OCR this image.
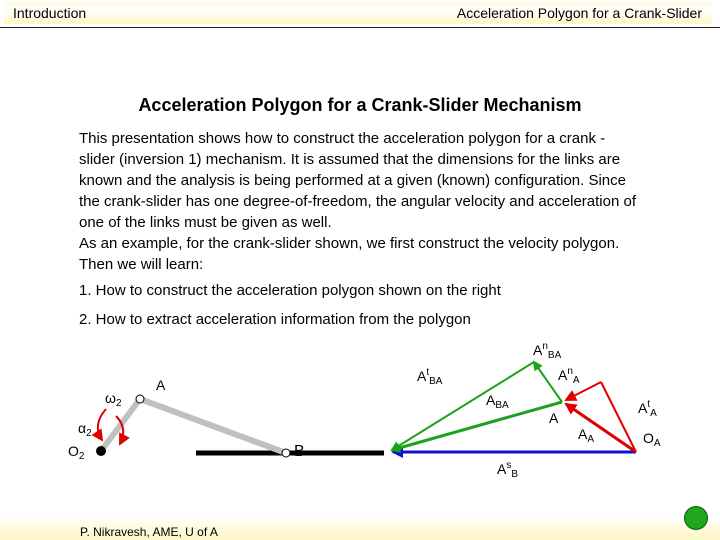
Introduction	Acceleration Polygon for a Crank-Slider
Acceleration Polygon for a Crank-Slider Mechanism
This presentation shows how to construct the acceleration polygon for a crank -slider (inversion 1) mechanism. It is assumed that the dimensions for the links are known and the analysis is being performed at a given (known) configuration. Since the crank-slider has one degree-of-freedom, the angular velocity and acceleration of one of the links must be given as well.
As an example, for the crank-slider shown, we first construct the velocity polygon. Then we will learn:
1. How to construct the acceleration polygon shown on the right
2. How to extract acceleration information from the polygon
$\omega_2$
A
$\alpha_2$
$O_2$	B
$A^n_{BA}$
$A^t_{BA}$
$A_{BA}$
$A^n_A$
A
$A_A$
$A^t_A$
$O_A$
$A^s_B$
P. Nikravesh, AME, U of A
